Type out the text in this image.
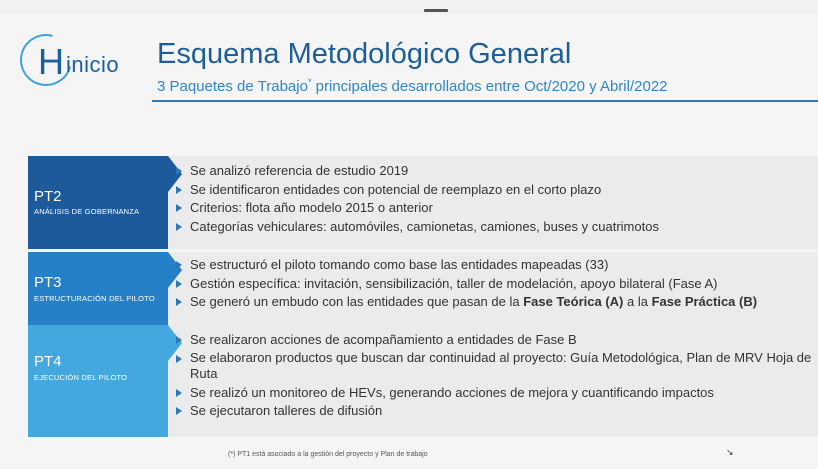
H inicio Esquema Metodológico General
3 Paquetes de Trabajo* principales desarrollados entre Oct/2020 y Abril/2022
PT2
ANÁLISIS DE GOBERNANZA
Se analizó referencia de estudio 2019
Se identificaron entidades con potencial de reemplazo en el corto plazo
Criterios: flota año modelo 2015 o anterior
Categorías vehiculares: automóviles, camionetas, camiones, buses y cuatrimotos
PT3
ESTRUCTURACIÓN DEL PILOTO
Se estructuró el piloto tomando como base las entidades mapeadas (33)
Gestión específica: invitación, sensibilización, taller de modelación, apoyo bilateral (Fase A)
Se generó un embudo con las entidades que pasan de la Fase Teórica (A) a la Fase Práctica (B)
PT4
EJECUCIÓN DEL PILOTO
Se realizaron acciones de acompañamiento a entidades de Fase B
Se elaboraron productos que buscan dar continuidad al proyecto: Guía Metodológica, Plan de MRV Hoja de Ruta
Se realizó un monitoreo de HEVs, generando acciones de mejora y cuantificando impactos
Se ejecutaron talleres de difusión
(*) PT1 está asociado a la gestión del proyecto y Plan de trabajo	↘
